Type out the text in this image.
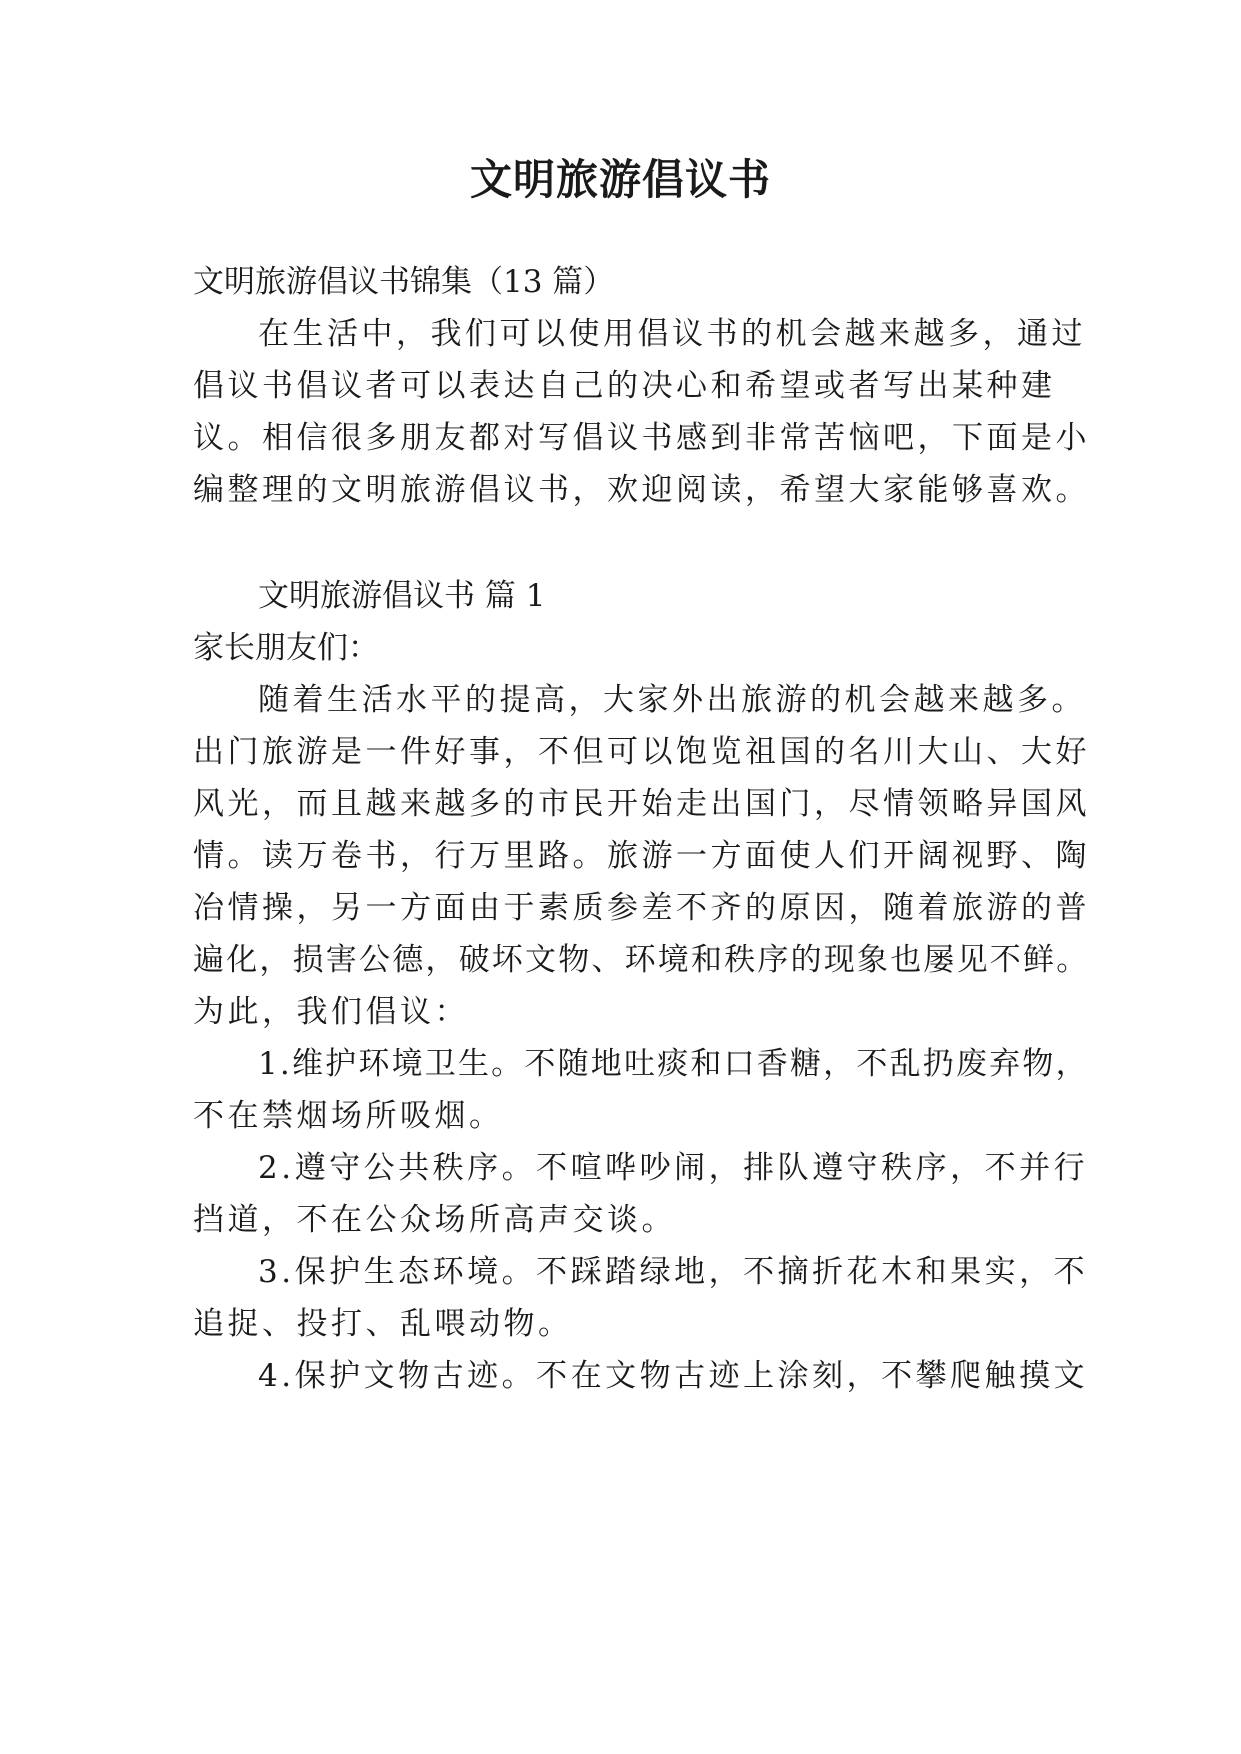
文明旅游倡议书

文明旅游倡议书锦集（13 篇）

在生活中，我们可以使用倡议书的机会越来越多，通过

倡议书倡议者可以表达自己的决心和希望或者写出某种建

议。相信很多朋友都对写倡议书感到非常苦恼吧，下面是小

编整理的文明旅游倡议书，欢迎阅读，希望大家能够喜欢。

文明旅游倡议书 篇 1

家长朋友们：

随着生活水平的提高，大家外出旅游的机会越来越多。

出门旅游是一件好事，不但可以饱览祖国的名川大山、大好

风光，而且越来越多的市民开始走出国门，尽情领略异国风

情。读万卷书，行万里路。旅游一方面使人们开阔视野、陶

冶情操，另一方面由于素质参差不齐的原因，随着旅游的普

遍化，损害公德，破坏文物、环境和秩序的现象也屡见不鲜。

为此，我们倡议：

1.维护环境卫生。不随地吐痰和口香糖，不乱扔废弃物，

不在禁烟场所吸烟。

2.遵守公共秩序。不喧哗吵闹，排队遵守秩序，不并行

挡道，不在公众场所高声交谈。

3.保护生态环境。不踩踏绿地，不摘折花木和果实，不

追捉、投打、乱喂动物。

4.保护文物古迹。不在文物古迹上涂刻，不攀爬触摸文
